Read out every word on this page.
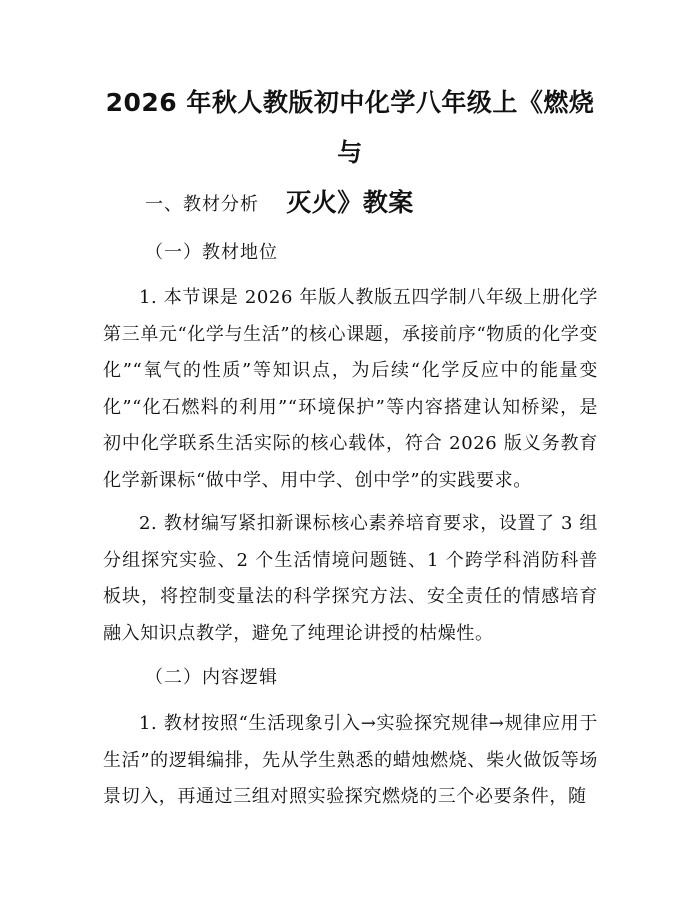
2026 年秋人教版初中化学八年级上《燃烧与
灭火》教案

一、教材分析

（一）教材地位

1. 本节课是 2026 年版人教版五四学制八年级上册化学第三单元“化学与生活”的核心课题，承接前序“物质的化学变化”“氧气的性质”等知识点，为后续“化学反应中的能量变化”“化石燃料的利用”“环境保护”等内容搭建认知桥梁，是初中化学联系生活实际的核心载体，符合 2026 版义务教育化学新课标“做中学、用中学、创中学”的实践要求。

2. 教材编写紧扣新课标核心素养培育要求，设置了 3 组分组探究实验、2 个生活情境问题链、1 个跨学科消防科普板块，将控制变量法的科学探究方法、安全责任的情感培育融入知识点教学，避免了纯理论讲授的枯燥性。

（二）内容逻辑

1. 教材按照“生活现象引入→实验探究规律→规律应用于生活”的逻辑编排，先从学生熟悉的蜡烛燃烧、柴火做饭等场景切入，再通过三组对照实验探究燃烧的三个必要条件，随
